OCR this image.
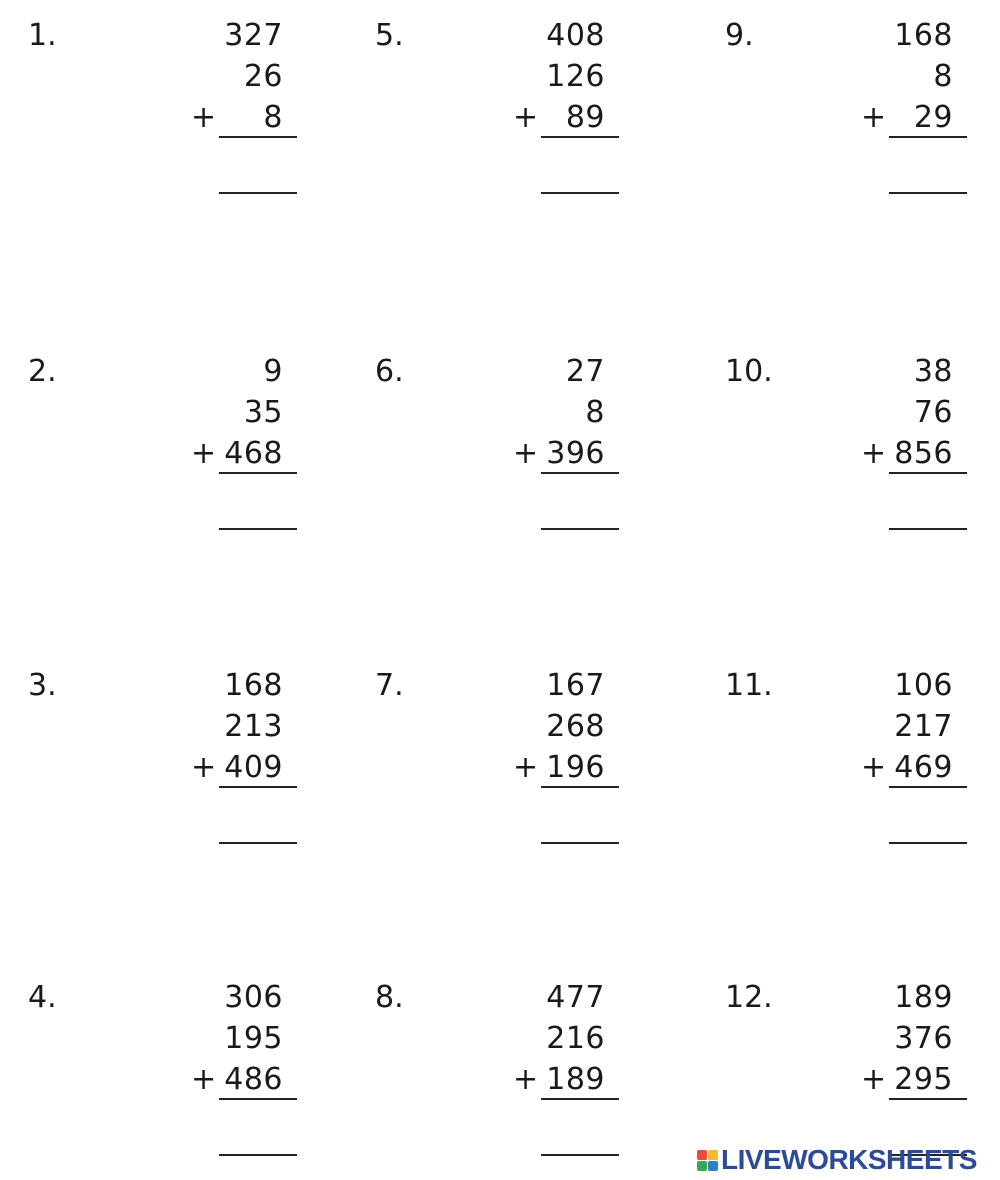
1.	327
26
8
+
2.	9
35
468
+
3.	168
213
409
+
4.	306
195
486
+
5.	408
126
89
+
6.	27
8
396
+
7.	167
268
196
+
8.	477
216
189
+
9.	168
8
29
+
10.	38
76
856
+
11.	106
217
469
+
12.	189
376
295
+
LIVEWORKSHEETS
